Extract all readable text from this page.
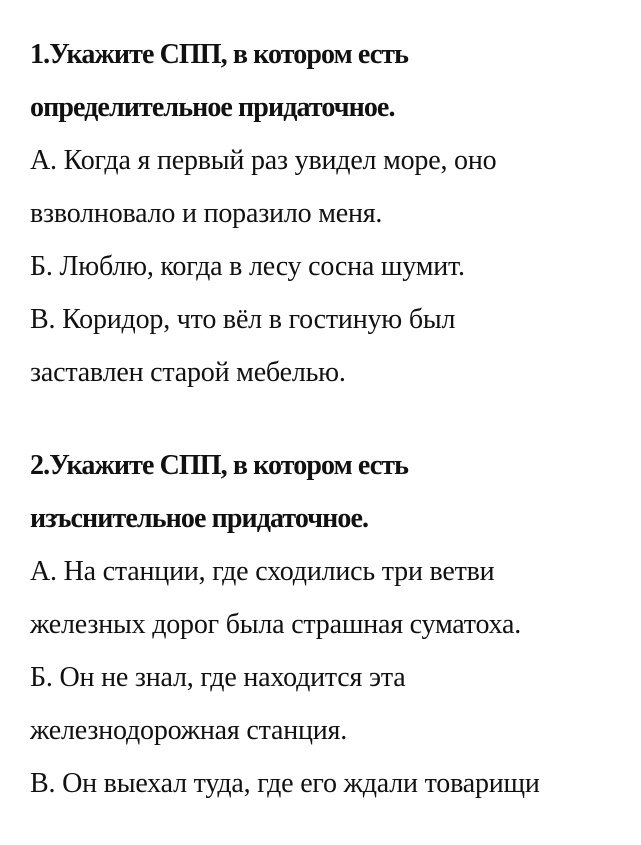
1.Укажите СПП, в котором есть
определительное придаточное.
А. Когда я первый раз увидел море, оно
взволновало и поразило меня.
Б. Люблю, когда в лесу сосна шумит.
В. Коридор, что вёл в гостиную был
заставлен старой мебелью.
2.Укажите СПП, в котором есть
изъснительное придаточное.
А. На станции, где сходились три ветви
железных дорог была страшная суматоха.
Б. Он не знал, где находится эта
железнодорожная станция.
В. Он выехал туда, где его ждали товарищи
